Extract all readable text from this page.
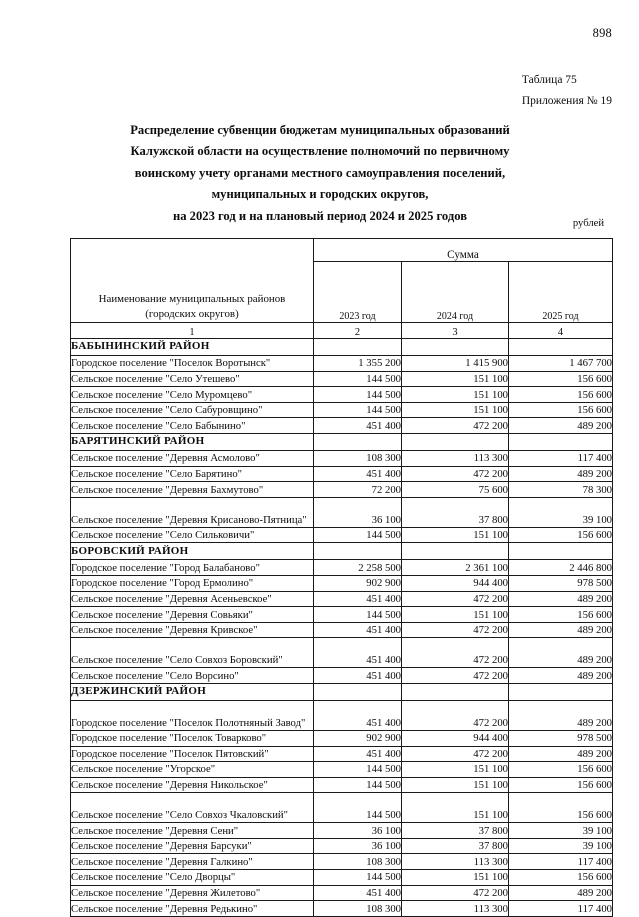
898
Таблица 75
Приложения № 19
Распределение субвенции бюджетам муниципальных образований
Калужской области на осуществление полномочий по первичному
воинскому учету органами местного самоуправления поселений,
муниципальных и городских округов,
на 2023 год и на плановый период 2024 и 2025 годов
рублей
Наименование муниципальных районов
(городских округов)	Сумма		
	2023 год	2024 год	2025 год
1	2	3	4
БАБЫНИНСКИЙ РАЙОН			
Городское поселение "Поселок Воротынск"	1 355 200	1 415 900	1 467 700
Сельское поселение "Село Утешево"	144 500	151 100	156 600
Сельское поселение "Село Муромцево"	144 500	151 100	156 600
Сельское поселение "Село Сабуровщино"	144 500	151 100	156 600
Сельское поселение "Село Бабынино"	451 400	472 200	489 200
БАРЯТИНСКИЙ РАЙОН			
Сельское поселение "Деревня Асмолово"	108 300	113 300	117 400
Сельское поселение "Село Барятино"	451 400	472 200	489 200
Сельское поселение "Деревня Бахмутово"	72 200	75 600	78 300
Сельское поселение "Деревня Крисаново-Пятница"	36 100	37 800	39 100
Сельское поселение "Село Сильковичи"	144 500	151 100	156 600
БОРОВСКИЙ РАЙОН			
Городское поселение "Город Балабаново"	2 258 500	2 361 100	2 446 800
Городское поселение "Город Ермолино"	902 900	944 400	978 500
Сельское поселение "Деревня Асеньевское"	451 400	472 200	489 200
Сельское поселение "Деревня Совьяки"	144 500	151 100	156 600
Сельское поселение "Деревня Кривское"	451 400	472 200	489 200
Сельское поселение "Село Совхоз Боровский"	451 400	472 200	489 200
Сельское поселение "Село Ворсино"	451 400	472 200	489 200
ДЗЕРЖИНСКИЙ РАЙОН			
Городское поселение "Поселок Полотняный Завод"	451 400	472 200	489 200
Городское поселение "Поселок Товарково"	902 900	944 400	978 500
Городское поселение "Поселок Пятовский"	451 400	472 200	489 200
Сельское поселение "Угорское"	144 500	151 100	156 600
Сельское поселение "Деревня Никольское"	144 500	151 100	156 600
Сельское поселение "Село Совхоз Чкаловский"	144 500	151 100	156 600
Сельское поселение "Деревня Сени"	36 100	37 800	39 100
Сельское поселение "Деревня Барсуки"	36 100	37 800	39 100
Сельское поселение "Деревня Галкино"	108 300	113 300	117 400
Сельское поселение "Село Дворцы"	144 500	151 100	156 600
Сельское поселение "Деревня Жилетово"	451 400	472 200	489 200
Сельское поселение "Деревня Редькино"	108 300	113 300	117 400
